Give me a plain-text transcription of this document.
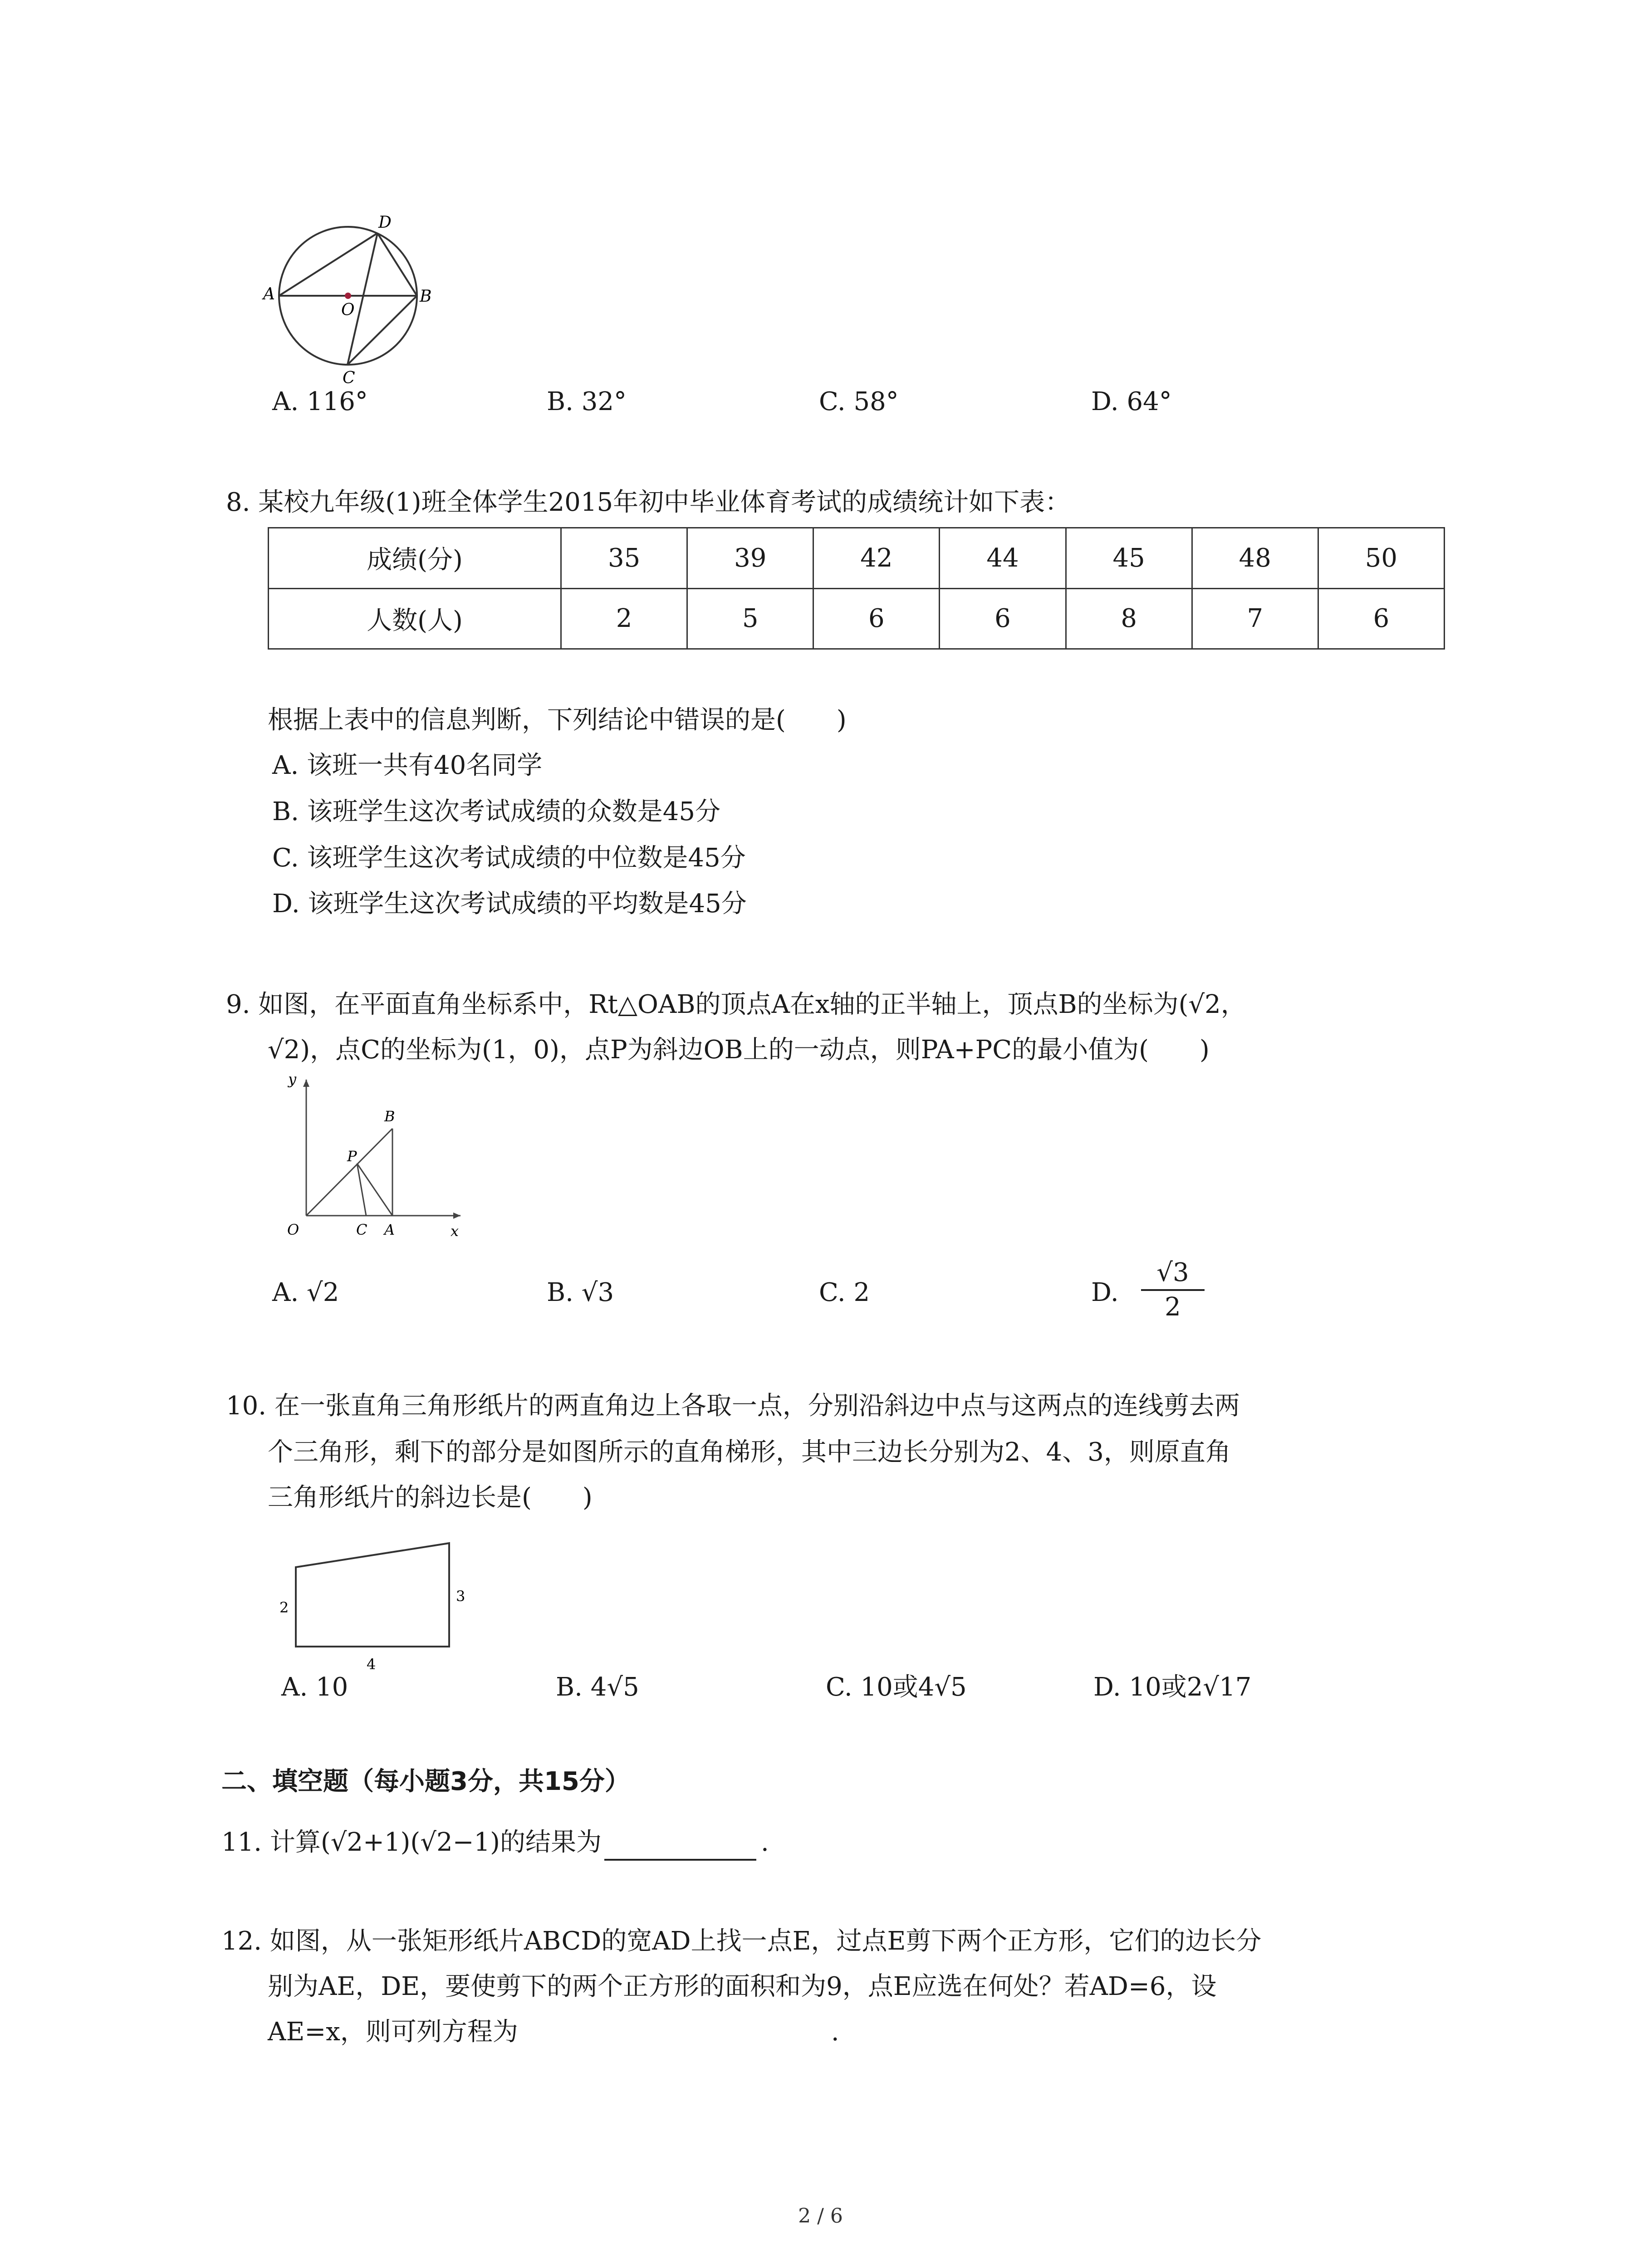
A	B
C
D
O
A. 116°	B. 32°	C. 58°	D. 64°
8. 某校九年级(1)班全体学生2015年初中毕业体育考试的成绩统计如下表：
成绩(分)	35	39	42	44	45	48	50
人数(人)	2	5	6	6	8	7	6
根据上表中的信息判断，下列结论中错误的是(　　)
A. 该班一共有40名同学
B. 该班学生这次考试成绩的众数是45分
C. 该班学生这次考试成绩的中位数是45分
D. 该班学生这次考试成绩的平均数是45分
9. 如图，在平面直角坐标系中，Rt△OAB的顶点A在x轴的正半轴上，顶点B的坐标为(√2，
√2)，点C的坐标为(1，0)，点P为斜边OB上的一动点，则PA+PC的最小值为(　　)
y
x
O	C A
B
P
A. √2	B. √3	C. 2	D.
√3
2
10. 在一张直角三角形纸片的两直角边上各取一点，分别沿斜边中点与这两点的连线剪去两
个三角形，剩下的部分是如图所示的直角梯形，其中三边长分别为2、4、3，则原直角
三角形纸片的斜边长是(　　)
2
3
4
A. 10	B. 4√5	C. 10或4√5	D. 10或2√17
二、填空题（每小题3分，共15分）
11. 计算(√2+1)(√2−1)的结果为	.
12. 如图，从一张矩形纸片ABCD的宽AD上找一点E，过点E剪下两个正方形，它们的边长分
别为AE，DE，要使剪下的两个正方形的面积和为9，点E应选在何处？若AD=6，设
AE=x，则可列方程为	.
2 / 6
